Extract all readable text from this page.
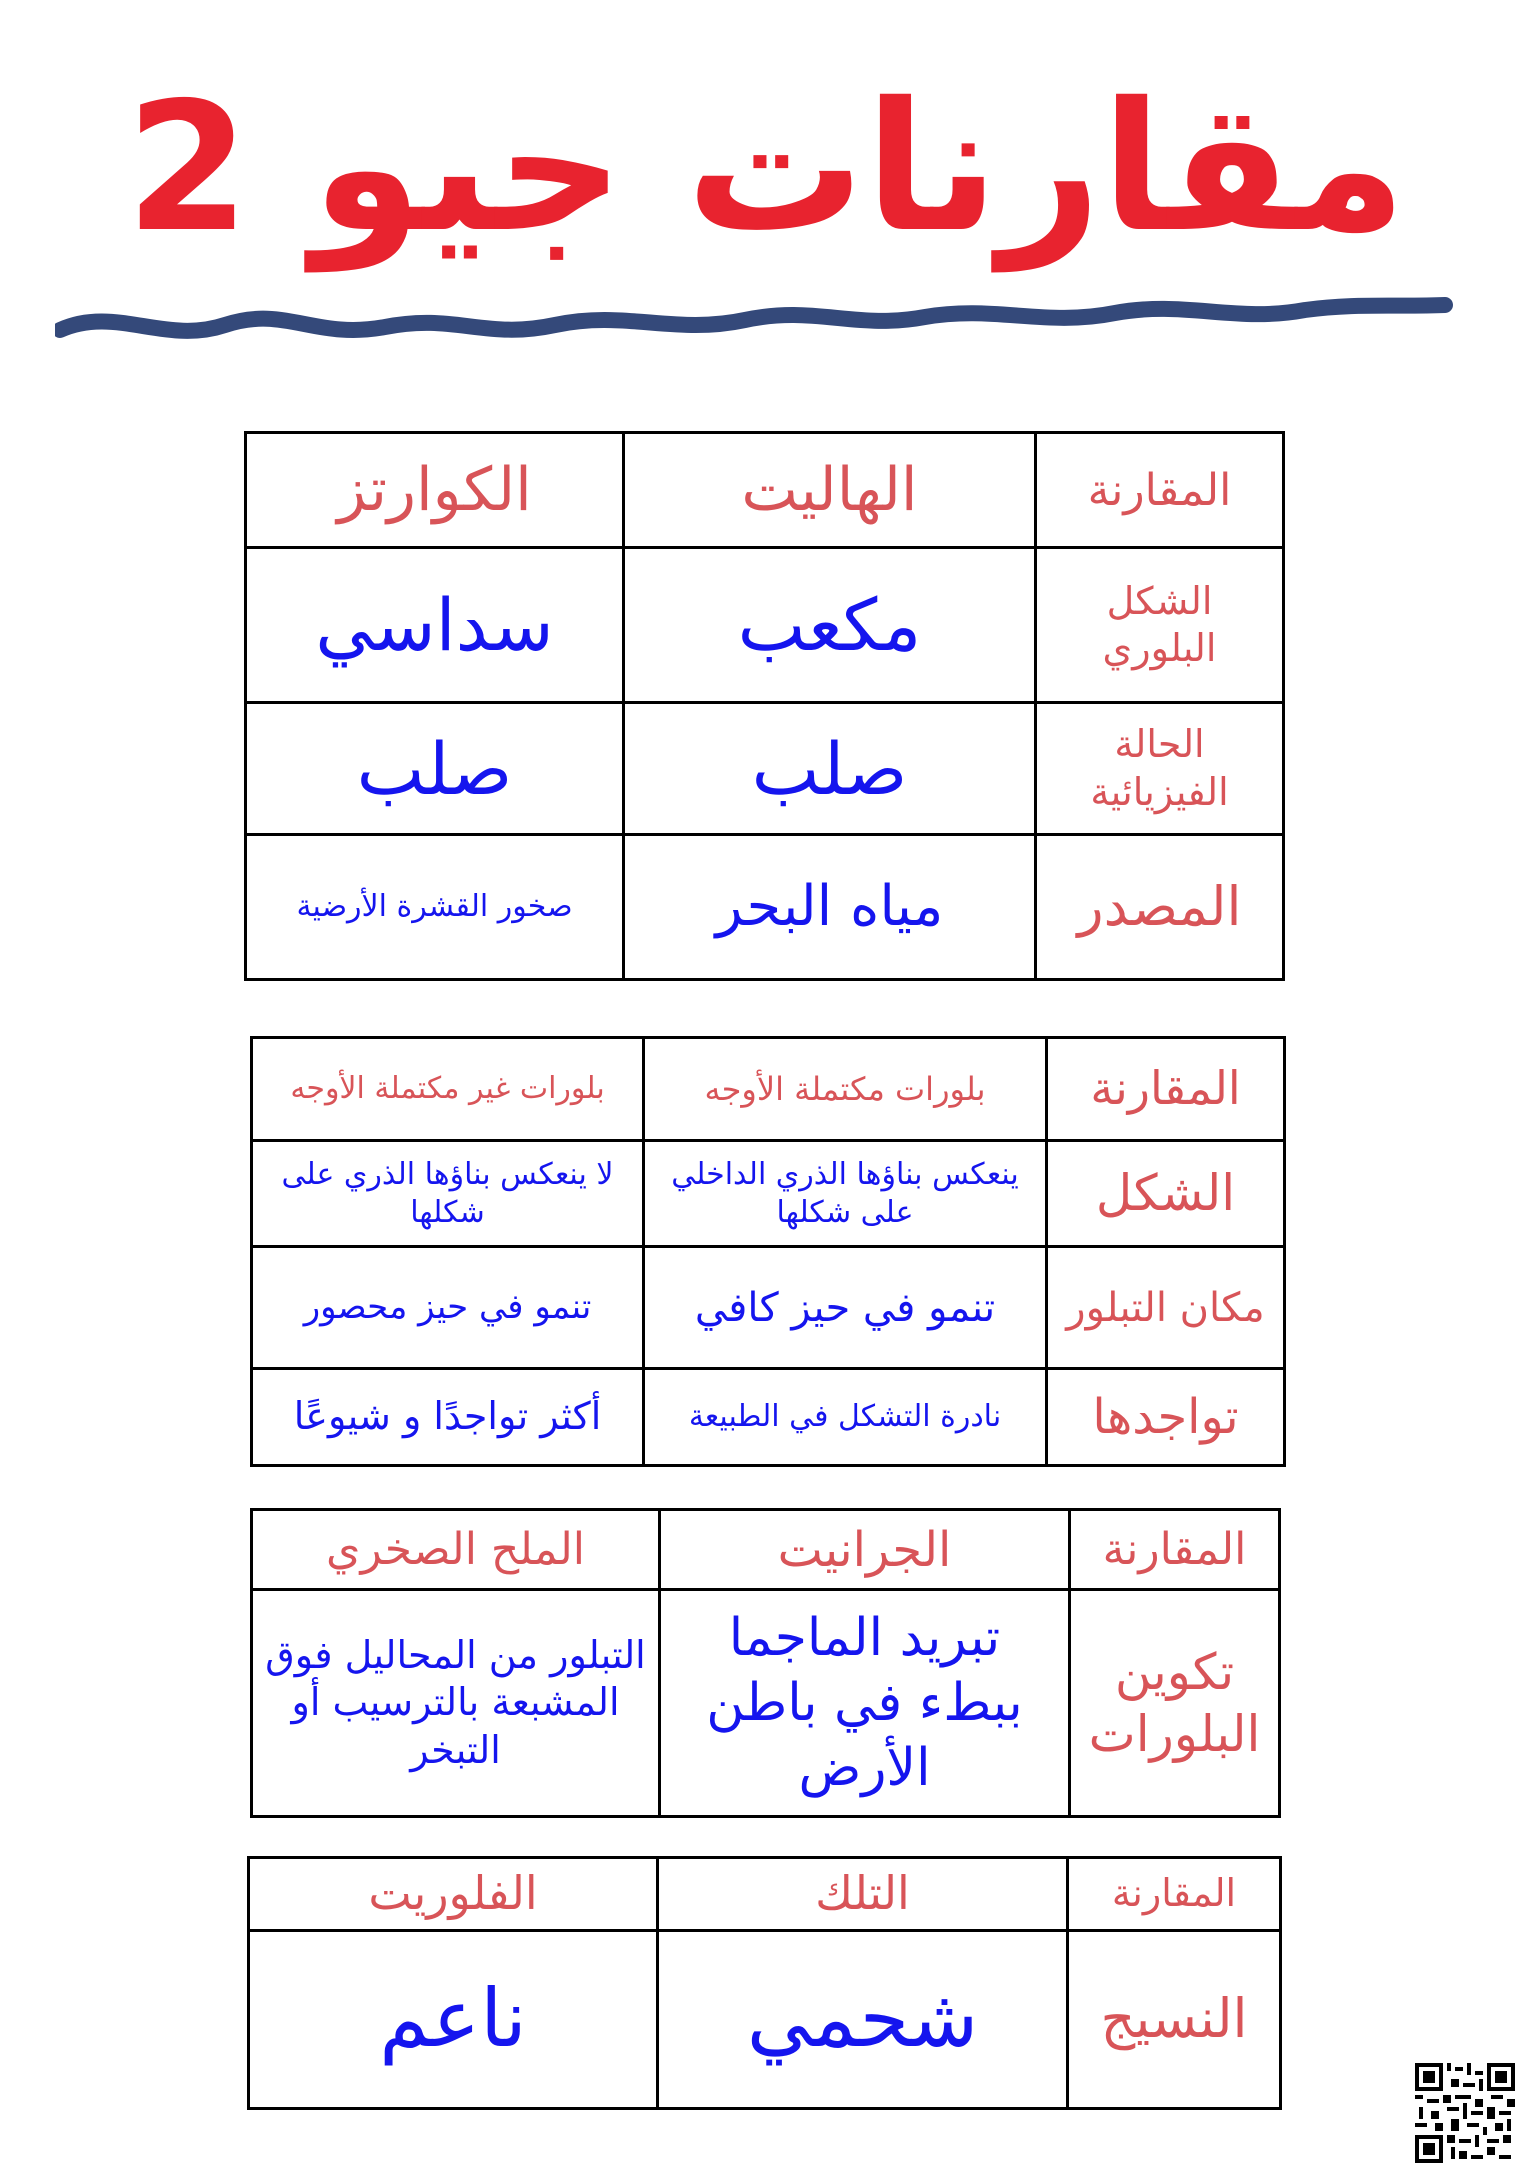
مقارنات جيو 2
المقارنة	الهاليت	الكوارتز
الشكل البلوري	مكعب	سداسي
الحالة الفيزيائية	صلب	صلب
المصدر	مياه البحر	صخور القشرة الأرضية
المقارنة	بلورات مكتملة الأوجه	بلورات غير مكتملة الأوجه
الشكل	ينعكس بناؤها الذري الداخلي على شكلها	لا ينعكس بناؤها الذري على شكلها
مكان التبلور	تنمو في حيز كافي	تنمو في حيز محصور
تواجدها	نادرة التشكل في الطبيعة	أكثر تواجدًا و شيوعًا
المقارنة	الجرانيت	الملح الصخري
تكوين البلورات	تبريد الماجما ببطء في باطن الأرض	التبلور من المحاليل فوق المشبعة بالترسيب أو التبخر
المقارنة	التلك	الفلوريت
النسيج	شحمي	ناعم
